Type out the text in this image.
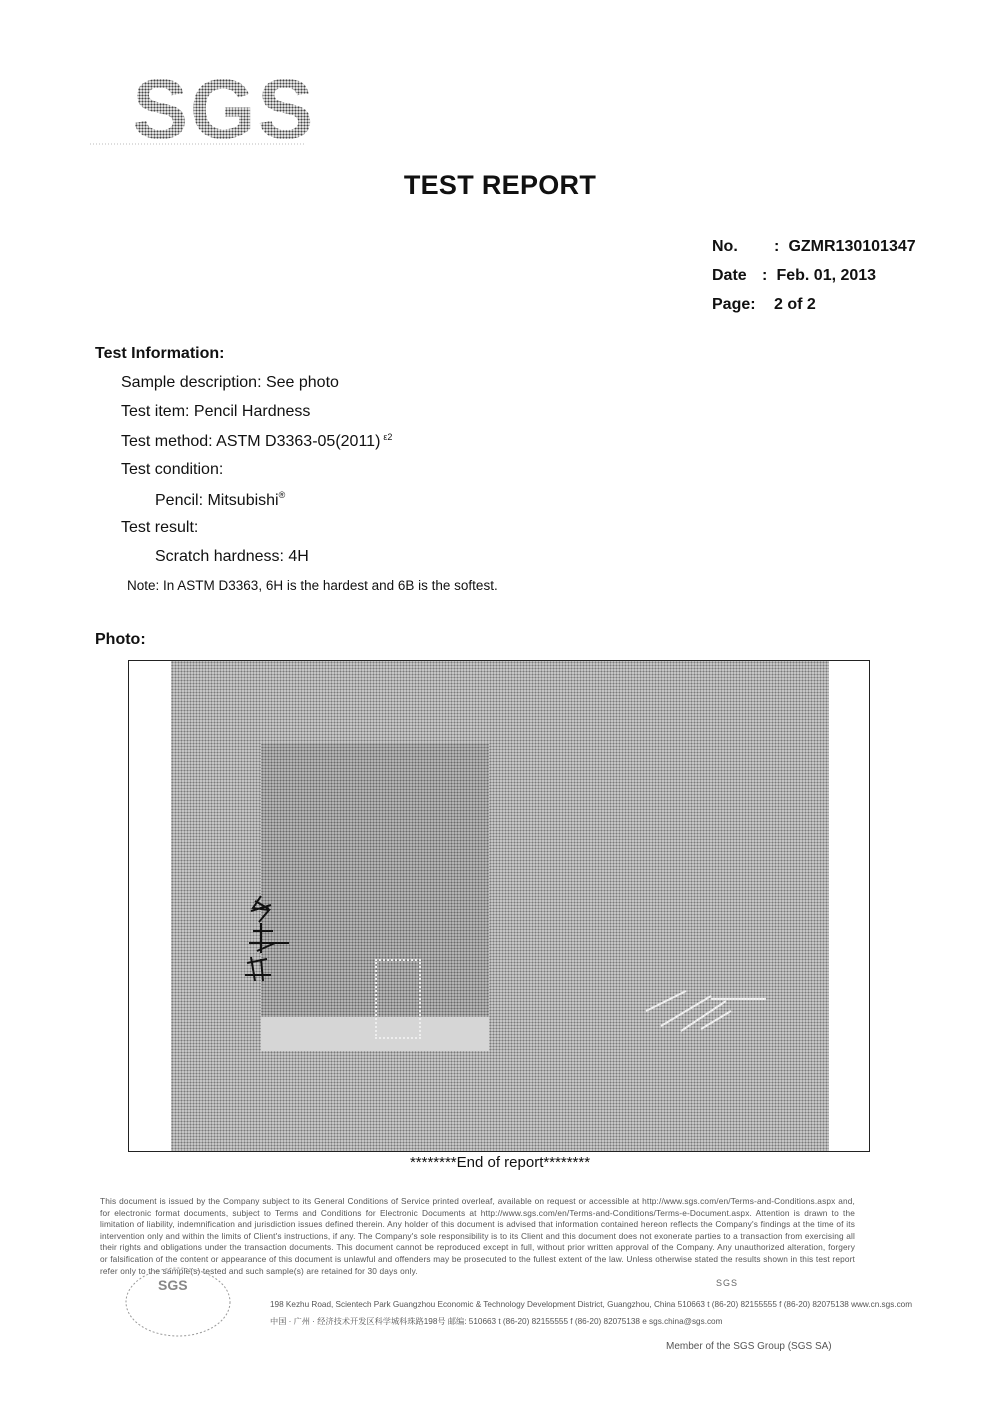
SGS
TEST REPORT
No. : GZMR130101347
Date : Feb. 01, 2013
Page: 2 of 2
Test Information:
Sample description: See photo
Test item: Pencil Hardness
Test method: ASTM D3363-05(2011) $^{\varepsilon 2}$
Test condition:
Pencil: Mitsubishi®
Test result:
Scratch hardness: 4H
Note: In ASTM D3363, 6H is the hardest and 6B is the softest.
Photo:
********End of report********
This document is issued by the Company subject to its General Conditions of Service printed overleaf, available on request or accessible at http://www.sgs.com/en/Terms-and-Conditions.aspx and, for electronic format documents, subject to Terms and Conditions for Electronic Documents at http://www.sgs.com/en/Terms-and-Conditions/Terms-e-Document.aspx. Attention is drawn to the limitation of liability, indemnification and jurisdiction issues defined therein. Any holder of this document is advised that information contained hereon reflects the Company's findings at the time of its intervention only and within the limits of Client's instructions, if any. The Company's sole responsibility is to its Client and this document does not exonerate parties to a transaction from exercising all their rights and obligations under the transaction documents. This document cannot be reproduced except in full, without prior written approval of the Company. Any unauthorized alteration, forgery or falsification of the content or appearance of this document is unlawful and offenders may be prosecuted to the fullest extent of the law. Unless otherwise stated the results shown in this test report refer only to the sample(s) tested and such sample(s) are retained for 30 days only.
SGS
198 Kezhu Road, Scientech Park Guangzhou Economic & Technology Development District, Guangzhou, China 510663 t (86-20) 82155555 f (86-20) 82075138 www.cn.sgs.com
中国 · 广州 · 经济技术开发区科学城科珠路198号 邮编: 510663 t (86-20) 82155555 f (86-20) 82075138 e sgs.china@sgs.com
SGS
Member of the SGS Group (SGS SA)
